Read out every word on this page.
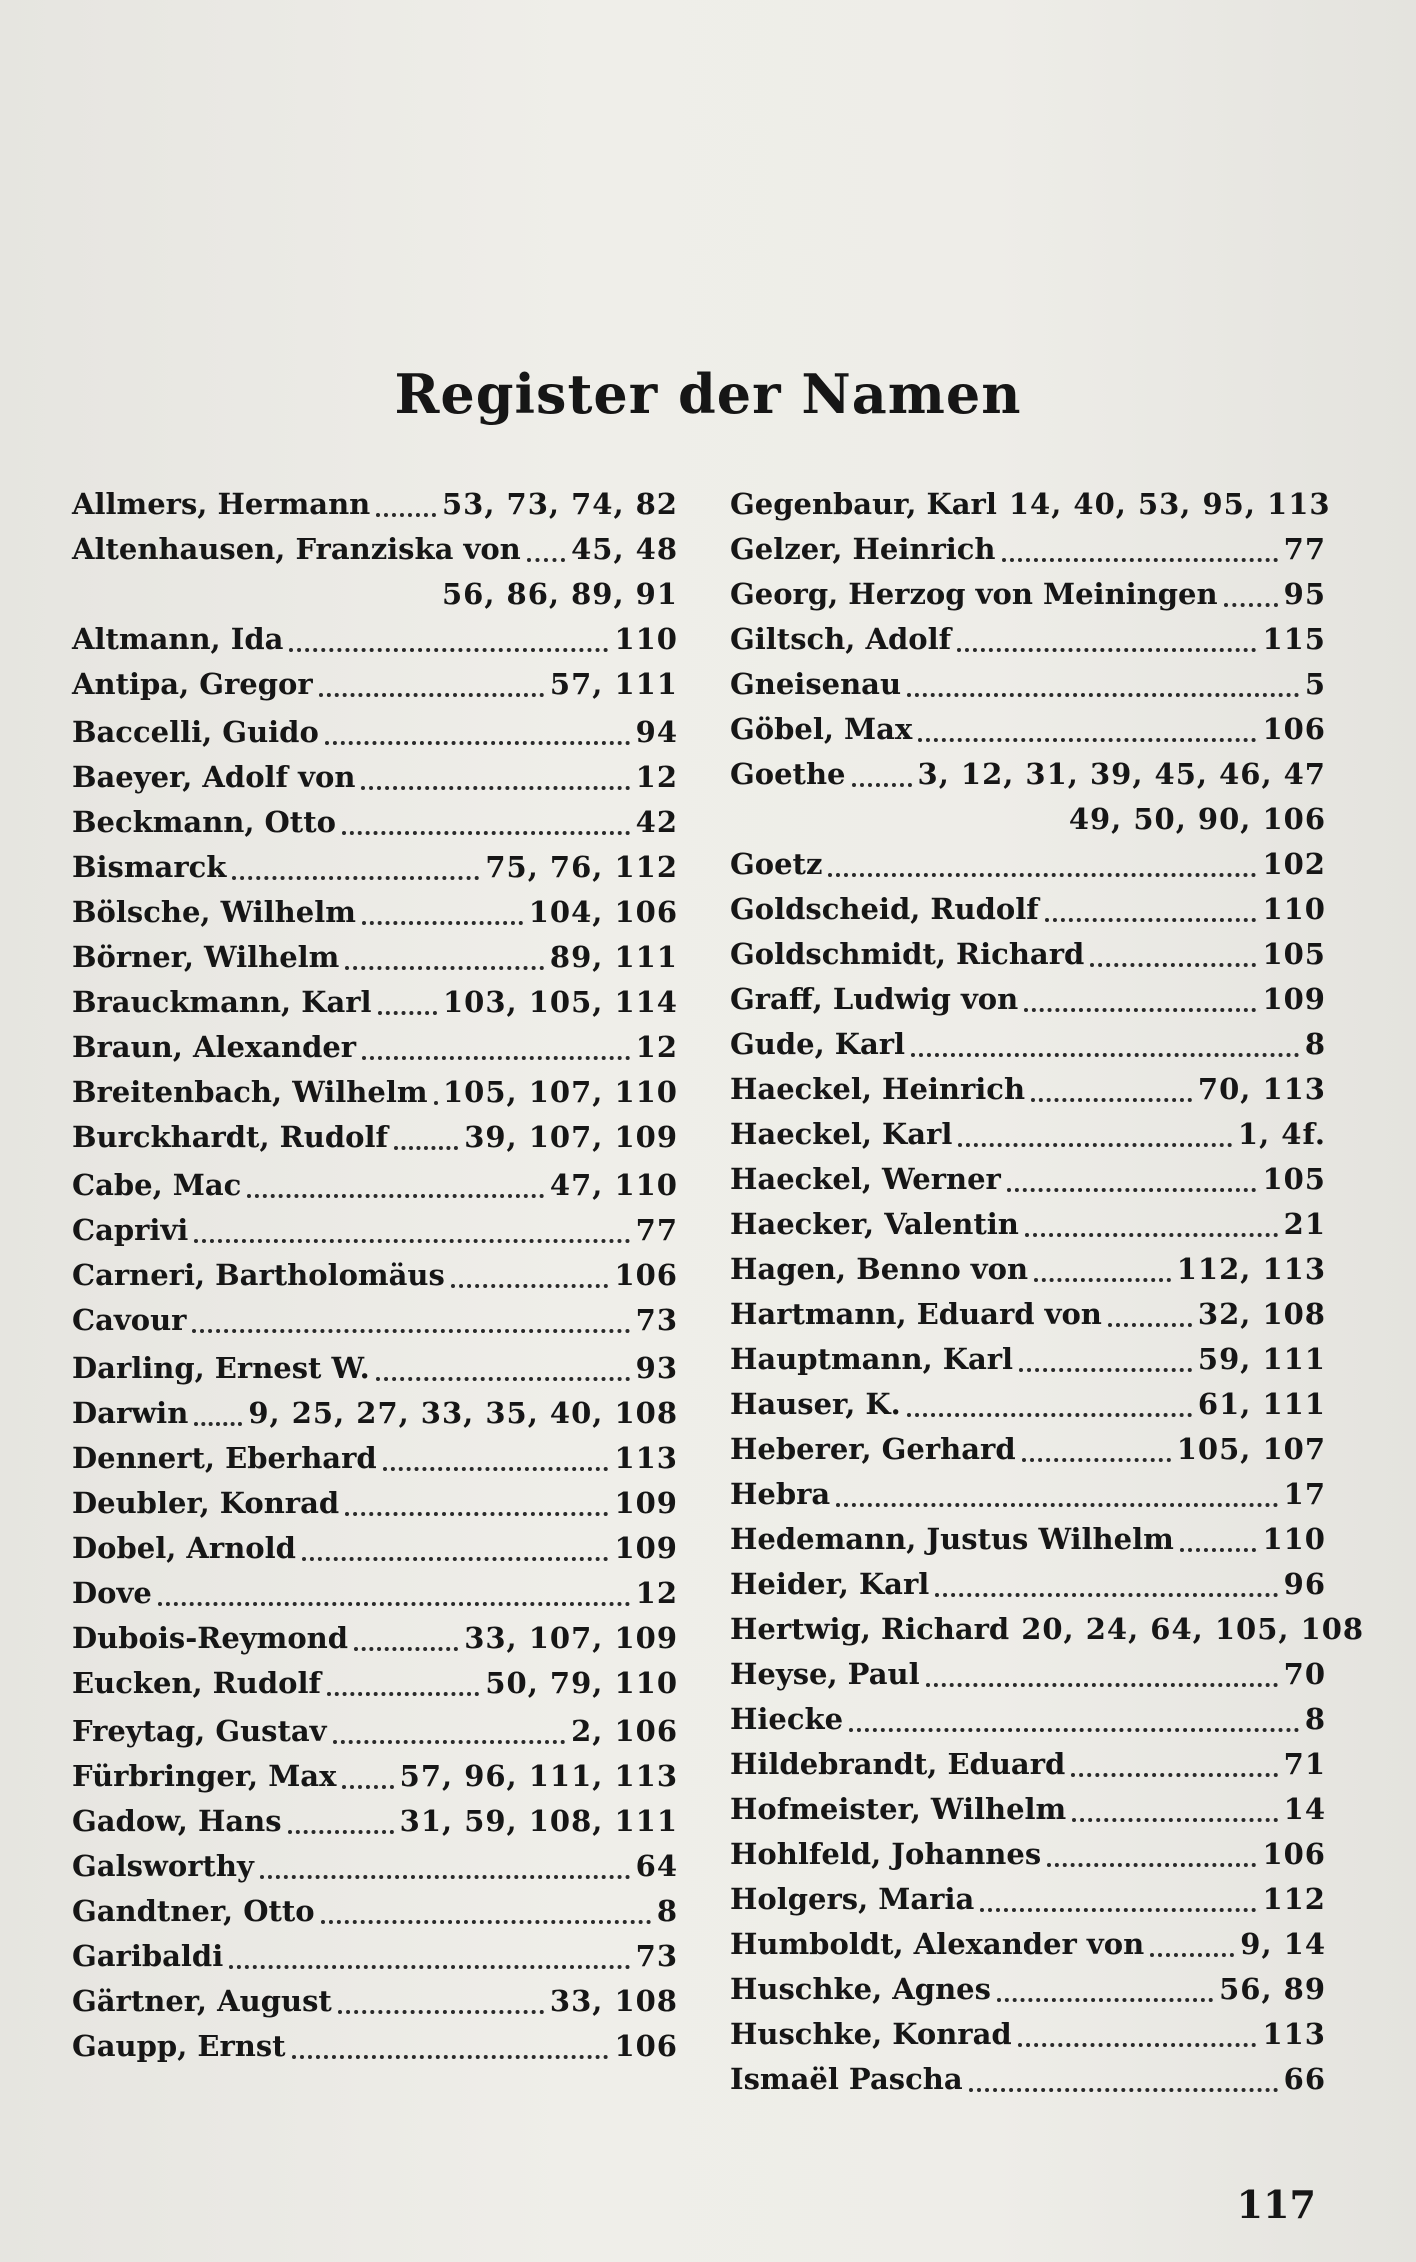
Register der Namen
Allmers, Hermann 53, 73, 74, 82
Altenhausen, Franziska von 45, 48
56, 86, 89, 91
Altmann, Ida	110
Antipa, Gregor	57, 111
Baccelli, Guido	94
Baeyer, Adolf von	12
Beckmann, Otto	42
Bismarck	75, 76, 112
Bölsche, Wilhelm	104, 106
Börner, Wilhelm	89, 111
Brauckmann, Karl 103, 105, 114
Braun, Alexander	12
Breitenbach, Wilhelm 105, 107, 110
Burckhardt, Rudolf	39, 107, 109
Cabe, Mac	47, 110
Caprivi	77
Carneri, Bartholomäus	106
Cavour	73
Darling, Ernest W.	93
Darwin 9, 25, 27, 33, 35, 40, 108
Dennert, Eberhard	113
Deubler, Konrad	109
Dobel, Arnold	109
Dove	12
Dubois-Reymond	33, 107, 109
Eucken, Rudolf	50, 79, 110
Freytag, Gustav	2, 106
Fürbringer, Max 57, 96, 111, 113
Gadow, Hans	31, 59, 108, 111
Galsworthy	64
Gandtner, Otto	8
Garibaldi	73
Gärtner, August	33, 108
Gaupp, Ernst	106
Gegenbaur, Karl 14, 40, 53, 95, 113
Gelzer, Heinrich	77
Georg, Herzog von Meiningen 95
Giltsch, Adolf	115
Gneisenau	5
Göbel, Max	106
Goethe 3, 12, 31, 39, 45, 46, 47
49, 50, 90, 106
Goetz	102
Goldscheid, Rudolf	110
Goldschmidt, Richard	105
Graff, Ludwig von	109
Gude, Karl	8
Haeckel, Heinrich	70, 113
Haeckel, Karl	1, 4f.
Haeckel, Werner	105
Haecker, Valentin	21
Hagen, Benno von	112, 113
Hartmann, Eduard von	32, 108
Hauptmann, Karl	59, 111
Hauser, K.	61, 111
Heberer, Gerhard	105, 107
Hebra	17
Hedemann, Justus Wilhelm	110
Heider, Karl	96
Hertwig, Richard 20, 24, 64, 105, 108
Heyse, Paul	70
Hiecke	8
Hildebrandt, Eduard	71
Hofmeister, Wilhelm	14
Hohlfeld, Johannes	106
Holgers, Maria	112
Humboldt, Alexander von	9, 14
Huschke, Agnes	56, 89
Huschke, Konrad	113
Ismaël Pascha	66
117
